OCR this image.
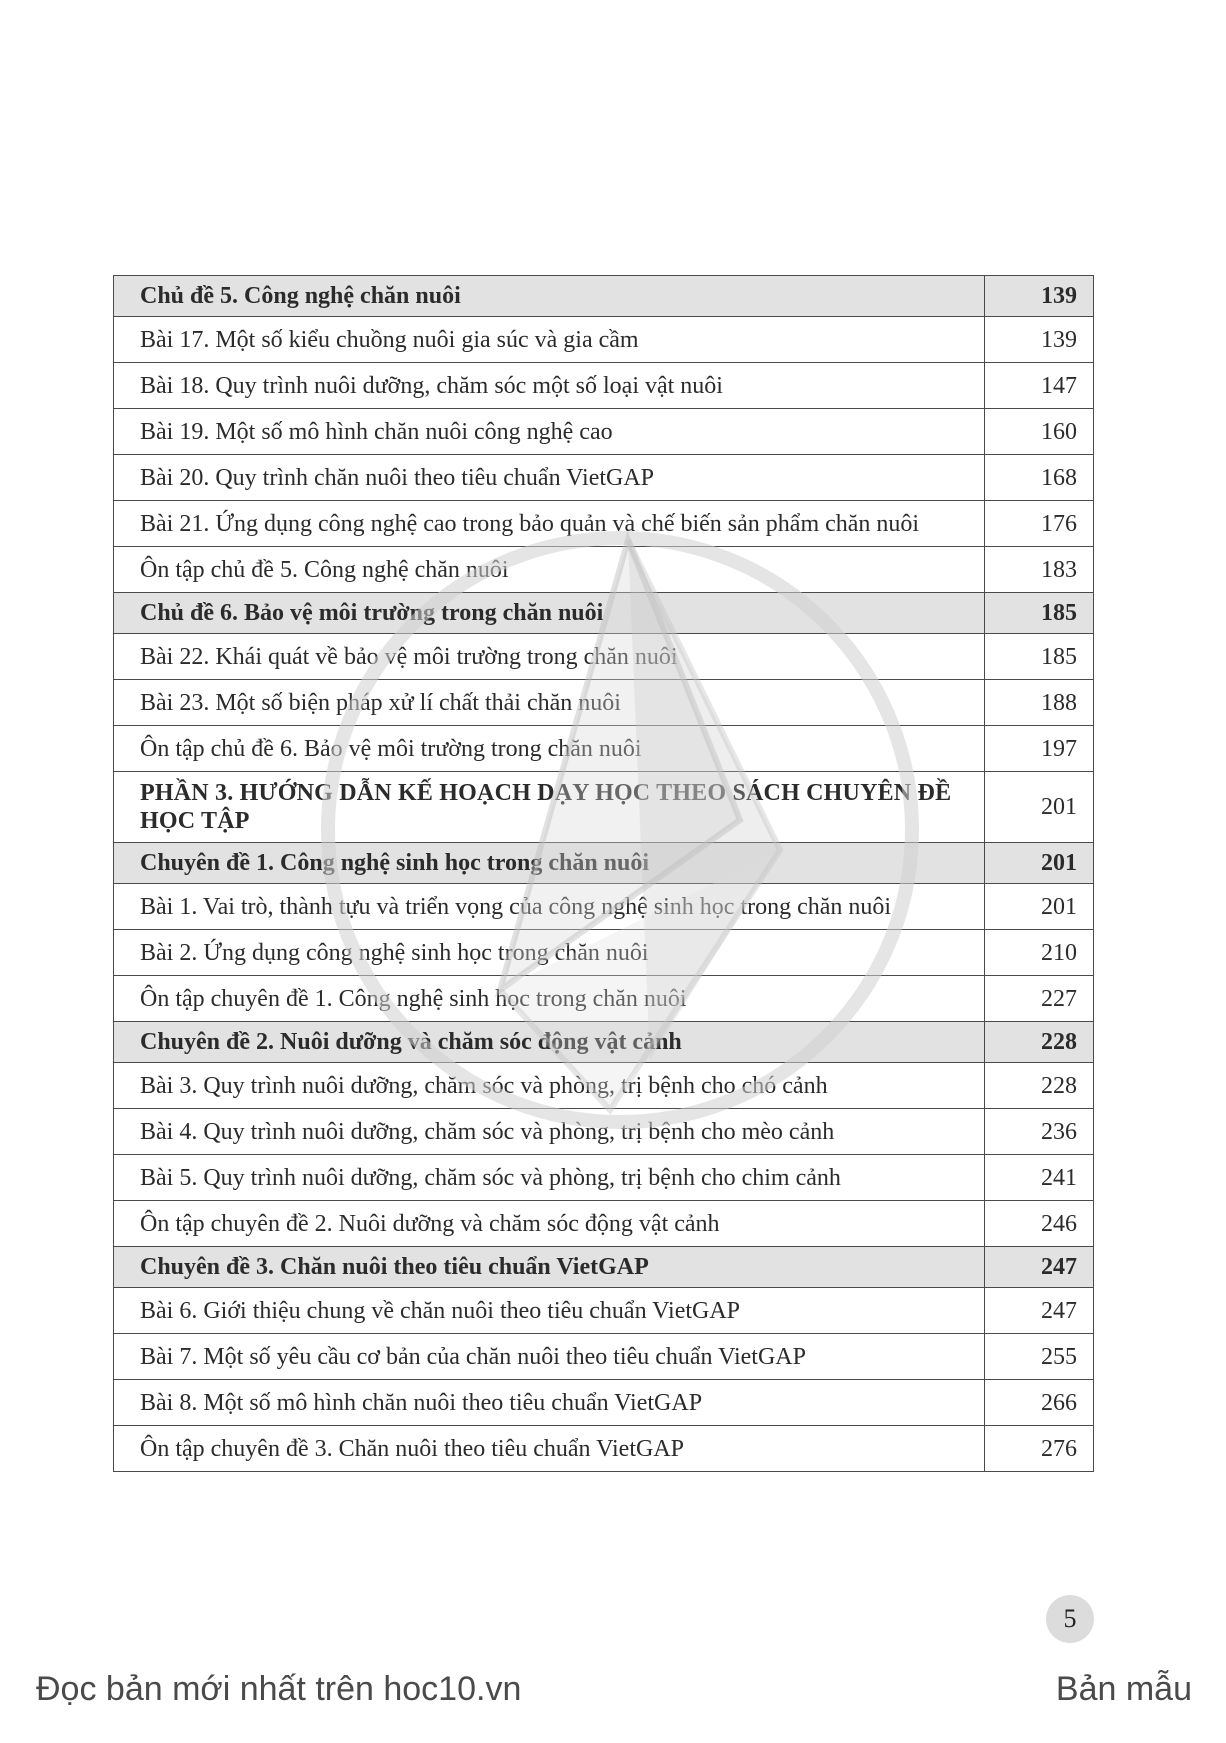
Chủ đề 5. Công nghệ chăn nuôi	139
Bài 17. Một số kiểu chuồng nuôi gia súc và gia cầm	139
Bài 18. Quy trình nuôi dưỡng, chăm sóc một số loại vật nuôi	147
Bài 19. Một số mô hình chăn nuôi công nghệ cao	160
Bài 20. Quy trình chăn nuôi theo tiêu chuẩn VietGAP	168
Bài 21. Ứng dụng công nghệ cao trong bảo quản và chế biến sản phẩm chăn nuôi	176
Ôn tập chủ đề 5. Công nghệ chăn nuôi	183
Chủ đề 6. Bảo vệ môi trường trong chăn nuôi	185
Bài 22. Khái quát về bảo vệ môi trường trong chăn nuôi	185
Bài 23. Một số biện pháp xử lí chất thải chăn nuôi	188
Ôn tập chủ đề 6. Bảo vệ môi trường trong chăn nuôi	197
PHẦN 3. HƯỚNG DẪN KẾ HOẠCH DẠY HỌC THEO SÁCH CHUYÊN ĐỀ HỌC TẬP	201
Chuyên đề 1. Công nghệ sinh học trong chăn nuôi	201
Bài 1. Vai trò, thành tựu và triển vọng của công nghệ sinh học trong chăn nuôi	201
Bài 2. Ứng dụng công nghệ sinh học trong chăn nuôi	210
Ôn tập chuyên đề 1. Công nghệ sinh học trong chăn nuôi	227
Chuyên đề 2. Nuôi dưỡng và chăm sóc động vật cảnh	228
Bài 3. Quy trình nuôi dưỡng, chăm sóc và phòng, trị bệnh cho chó cảnh	228
Bài 4. Quy trình nuôi dưỡng, chăm sóc và phòng, trị bệnh cho mèo cảnh	236
Bài 5. Quy trình nuôi dưỡng, chăm sóc và phòng, trị bệnh cho chim cảnh	241
Ôn tập chuyên đề 2. Nuôi dưỡng và chăm sóc động vật cảnh	246
Chuyên đề 3. Chăn nuôi theo tiêu chuẩn VietGAP	247
Bài 6. Giới thiệu chung về chăn nuôi theo tiêu chuẩn VietGAP	247
Bài 7. Một số yêu cầu cơ bản của chăn nuôi theo tiêu chuẩn VietGAP	255
Bài 8. Một số mô hình chăn nuôi theo tiêu chuẩn VietGAP	266
Ôn tập chuyên đề 3. Chăn nuôi theo tiêu chuẩn VietGAP	276
5
Đọc bản mới nhất trên hoc10.vn	Bản mẫu
